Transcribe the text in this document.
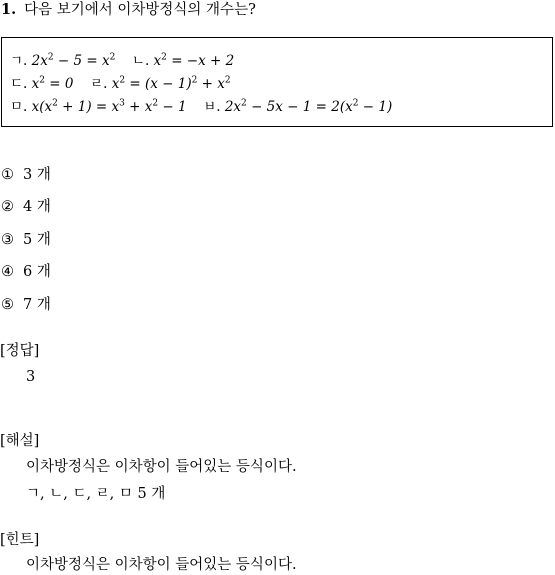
1. 다음 보기에서 이차방정식의 개수는?
ㄱ. $2x^2 - 5 = x^2$ ㄴ. $x^2 = -x + 2$
ㄷ. $x^2 = 0$ ㄹ. $x^2 = (x - 1)^2 + x^2$
ㅁ. $x(x^2 + 1) = x^3 + x^2 - 1$ ㅂ. $2x^2 - 5x - 1 = 2(x^2 - 1)$
① 3 개
② 4 개
③ 5 개
④ 6 개
⑤ 7 개
[정답]
3
[해설]
이차방정식은 이차항이 들어있는 등식이다.
ㄱ, ㄴ, ㄷ, ㄹ, ㅁ 5 개
[힌트]
이차방정식은 이차항이 들어있는 등식이다.
